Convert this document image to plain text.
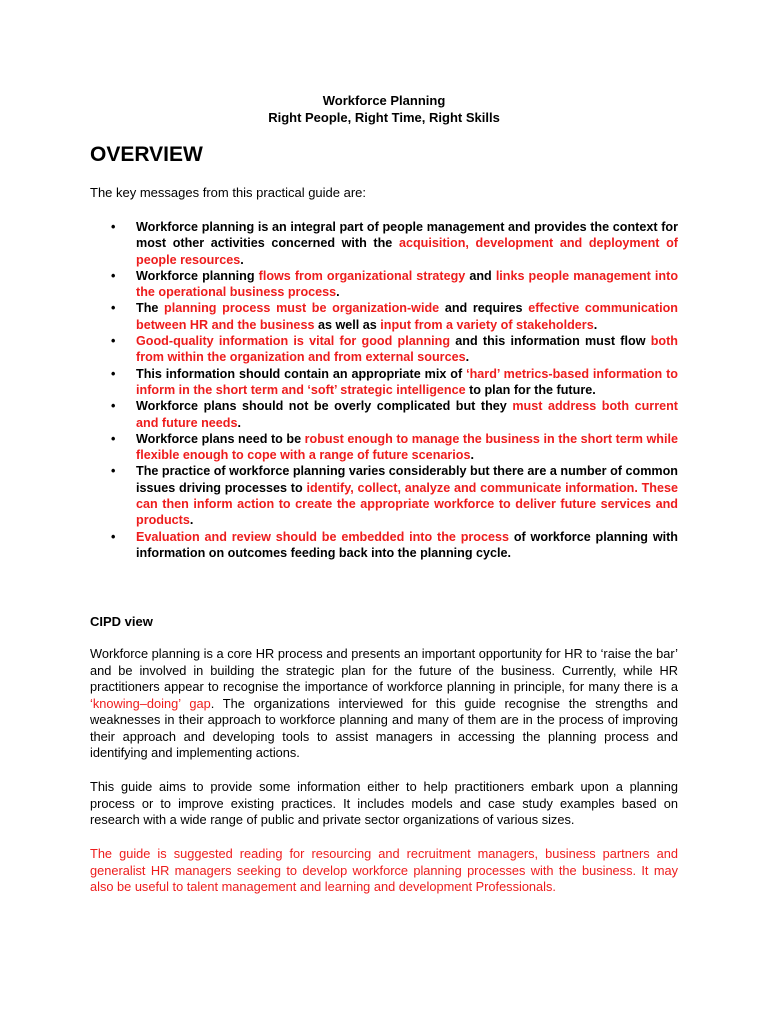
Workforce Planning
Right People, Right Time, Right Skills
OVERVIEW

The key messages from this practical guide are:

• Workforce planning is an integral part of people management and provides the context for most other activities concerned with the acquisition, development and deployment of people resources.
• Workforce planning flows from organizational strategy and links people management into the operational business process.
• The planning process must be organization-wide and requires effective communication between HR and the business as well as input from a variety of stakeholders.
• Good-quality information is vital for good planning and this information must flow both from within the organization and from external sources.
• This information should contain an appropriate mix of ‘hard’ metrics-based information to inform in the short term and ‘soft’ strategic intelligence to plan for the future.
• Workforce plans should not be overly complicated but they must address both current and future needs.
• Workforce plans need to be robust enough to manage the business in the short term while flexible enough to cope with a range of future scenarios.
• The practice of workforce planning varies considerably but there are a number of common issues driving processes to identify, collect, analyze and communicate information. These can then inform action to create the appropriate workforce to deliver future services and products.
• Evaluation and review should be embedded into the process of workforce planning with information on outcomes feeding back into the planning cycle.
CIPD view

Workforce planning is a core HR process and presents an important opportunity for HR to ‘raise the bar’ and be involved in building the strategic plan for the future of the business. Currently, while HR practitioners appear to recognise the importance of workforce planning in principle, for many there is a ‘knowing–doing’ gap. The organizations interviewed for this guide recognise the strengths and weaknesses in their approach to workforce planning and many of them are in the process of improving their approach and developing tools to assist managers in accessing the planning process and identifying and implementing actions.

This guide aims to provide some information either to help practitioners embark upon a planning process or to improve existing practices. It includes models and case study examples based on research with a wide range of public and private sector organizations of various sizes.

The guide is suggested reading for resourcing and recruitment managers, business partners and generalist HR managers seeking to develop workforce planning processes with the business. It may also be useful to talent management and learning and development Professionals.
